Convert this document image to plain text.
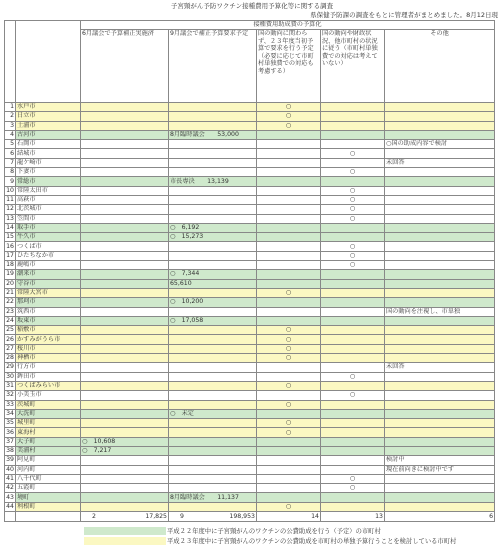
子宮頸がん予防ワクチン接種費用予算化等に関する調査
県保健予防課の調査をもとに管理者がまとめました。8月12日現
		接種費用助成費の予算化				
		6月議会で予算補正実施済	9月議会で補正予算要求予定	国の動向に関わらず、２３年度当初予算で要求を行う予定（必要に応じて市町村単独費での対応も考慮する）	国の動向や財政状況、他市町村の状況に従う（市町村単独費での対応は考えていない）	その他
1	水戸市			○		
2	日立市			○		
3	土浦市			○		
4	古河市		8月臨時議会　　53,000			
5	石岡市					○国の助成内容で検討
6	結城市				○	
7	龍ケ崎市					未回答
8	下妻市				○	
9	常総市		市長専決　　13,139			
10	常陸太田市				○	
11	高萩市				○	
12	北茨城市				○	
13	笠間市				○	
14	取手市		○　6,192			
15	牛久市		○　15,273			
16	つくば市				○	
17	ひたちなか市				○	
18	鹿嶋市				○	
19	潮来市		○　7,344			
20	守谷市		65,610			
21	常陸大宮市			○		
22	那珂市		○　10,200			
23	筑西市					国の動向を注視し、市単独
24	坂東市		○　17,058			
25	稲敷市			○		
26	かすみがうら市			○		
27	桜川市			○		
28	神栖市			○		
29	行方市					未回答
30	鉾田市				○	
31	つくばみらい市			○		
32	小美玉市				○	
33	茨城町			○		
34	大洗町		○　未定			
35	城里町			○		
36	東海村			○		
37	大子町	○　10,608				
38	美浦村	○　7,217				
39	阿見町					検討中
40	河内町					現在前向きに検討中です
41	八千代町				○	
42	五霞町				○	
43	境町		8月臨時議会　　11,137			
44	利根町			○		
		2 17,825	9 198,953	14	13	6
平成２２年度中に子宮頸がんのワクチンの公費助成を行う（予定）の市町村
平成２３年度中に子宮頸がんのワクチンの公費助成を市町村の単独予算行うことを検討している市町村
